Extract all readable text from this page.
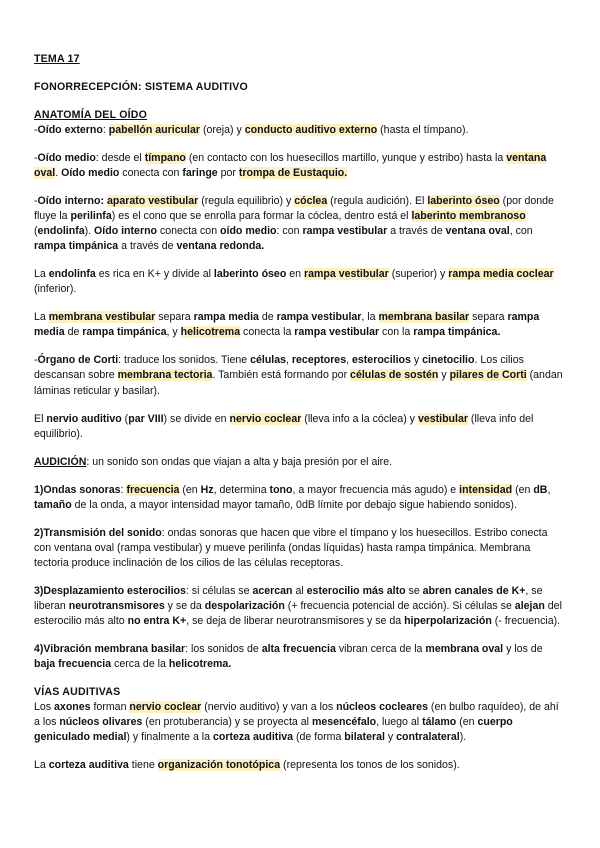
TEMA 17

FONORRECEPCIÓN: SISTEMA AUDITIVO

ANATOMÍA DEL OÍDO

-Oído externo: pabellón auricular (oreja) y conducto auditivo externo (hasta el tímpano).

-Oído medio: desde el tímpano (en contacto con los huesecillos martillo, yunque y estribo) hasta la ventana oval. Oído medio conecta con faringe por trompa de Eustaquio.

-Oído interno: aparato vestibular (regula equilibrio) y cóclea (regula audición). El laberinto óseo (por donde fluye la perilinfa) es el cono que se enrolla para formar la cóclea, dentro está el laberinto membranoso (endolinfa). Oído interno conecta con oído medio: con rampa vestibular a través de ventana oval, con rampa timpánica a través de ventana redonda.

La endolinfa es rica en K+ y divide al laberinto óseo en rampa vestibular (superior) y rampa media coclear (inferior).

La membrana vestibular separa rampa media de rampa vestibular, la membrana basilar separa rampa media de rampa timpánica, y helicotrema conecta la rampa vestibular con la rampa timpánica.

-Órgano de Corti: traduce los sonidos. Tiene células, receptores, esterocilios y cinetocilio. Los cilios descansan sobre membrana tectoria. También está formando por células de sostén y pilares de Corti (andan láminas reticular y basilar).

El nervio auditivo (par VIII) se divide en nervio coclear (lleva info a la cóclea) y vestibular (lleva info del equilibrio).

AUDICIÓN: un sonido son ondas que viajan a alta y baja presión por el aire.

1)Ondas sonoras: frecuencia (en Hz, determina tono, a mayor frecuencia más agudo) e intensidad (en dB, tamaño de la onda, a mayor intensidad mayor tamaño, 0dB límite por debajo sigue habiendo sonidos).

2)Transmisión del sonido: ondas sonoras que hacen que vibre el tímpano y los huesecillos. Estribo conecta con ventana oval (rampa vestibular) y mueve perilinfa (ondas líquidas) hasta rampa timpánica. Membrana tectoria produce inclinación de los cilios de las células receptoras.

3)Desplazamiento esterocilios: si células se acercan al esterocilio más alto se abren canales de K+, se liberan neurotransmisores y se da despolarización (+ frecuencia potencial de acción). Si células se alejan del esterocilio más alto no entra K+, se deja de liberar neurotransmisores y se da hiperpolarización (- frecuencia).

4)Vibración membrana basilar: los sonidos de alta frecuencia vibran cerca de la membrana oval y los de baja frecuencia cerca de la helicotrema.

VÍAS AUDITIVAS

Los axones forman nervio coclear (nervio auditivo) y van a los núcleos cocleares (en bulbo raquídeo), de ahí a los núcleos olivares (en protuberancia) y se proyecta al mesencéfalo, luego al tálamo (en cuerpo geniculado medial) y finalmente a la corteza auditiva (de forma bilateral y contralateral).

La corteza auditiva tiene organización tonotópica (representa los tonos de los sonidos).
